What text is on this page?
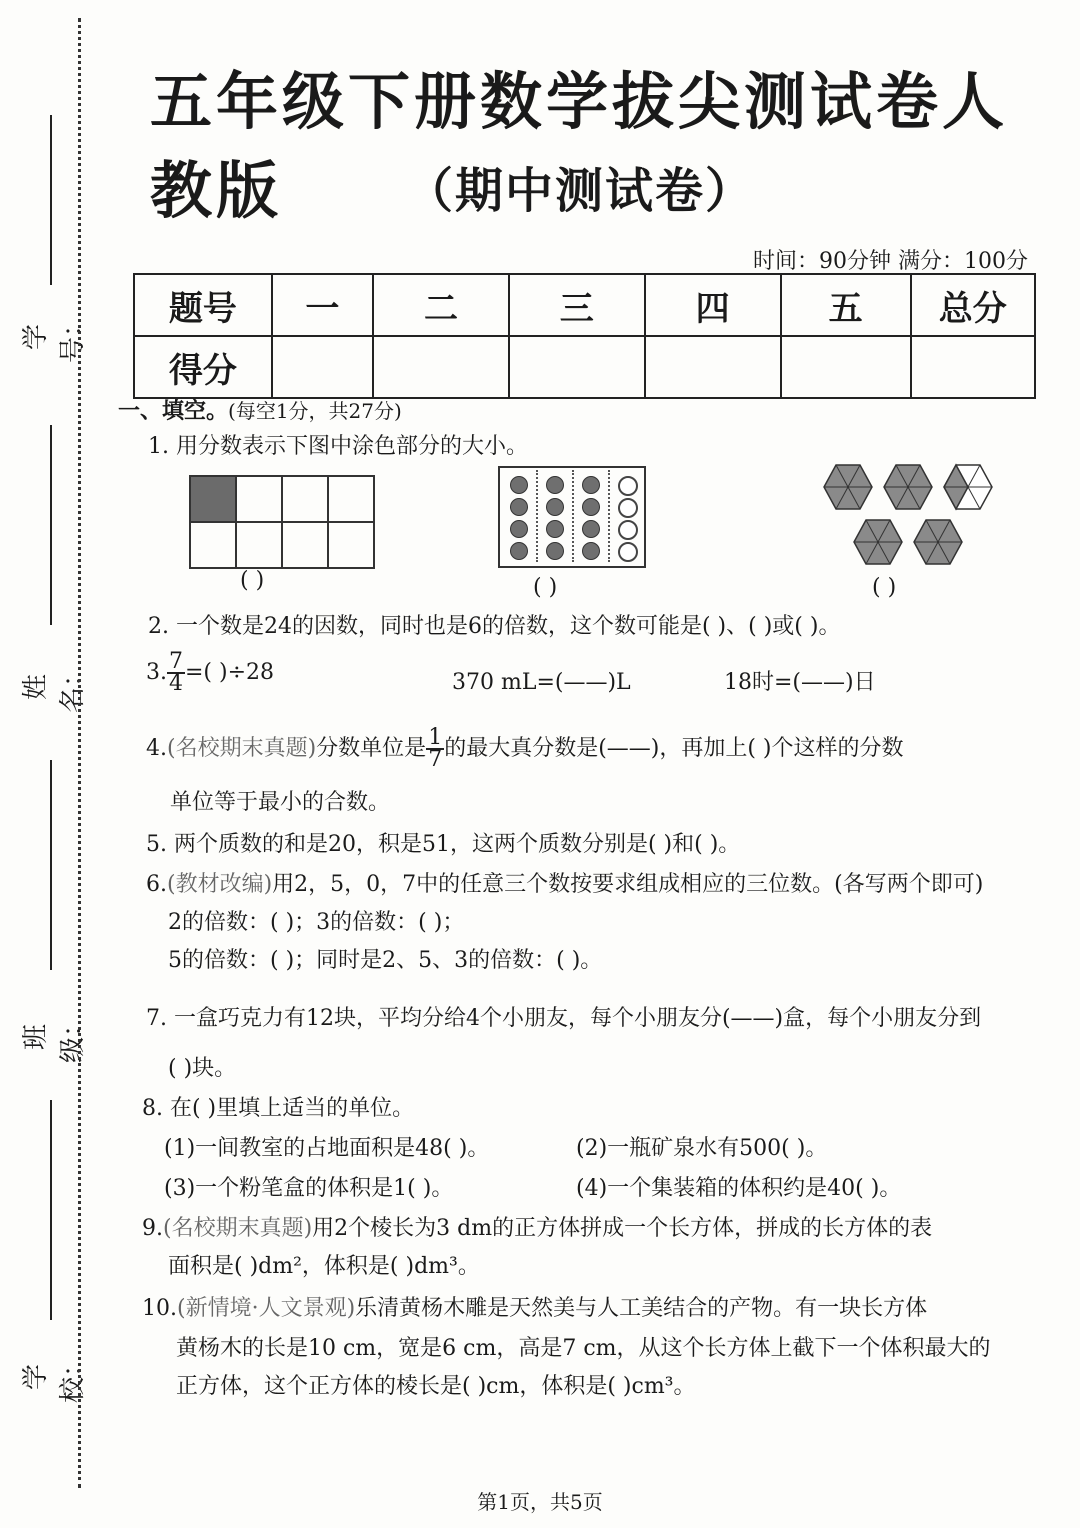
学号：
姓名：
班级：
学校：
五年级下册数学拔尖测试卷人教版	（期中测试卷）
时间：90分钟 满分：100分
题号	一	二	三	四	五	总分
得分						
一、填空。(每空1分，共27分)
1. 用分数表示下图中涂色部分的大小。

( )	( )	( )
2. 一个数是24的因数，同时也是6的倍数，这个数可能是( )、( )或( )。
3. $\frac{7}{4}$ =( )÷28	370 mL=(——)L	18时=(——)日
4.(名校期末真题)分数单位是 $\frac{1}{7}$ 的最大真分数是(——)，再加上( )个这样的分数
单位等于最小的合数。
5. 两个质数的和是20，积是51，这两个质数分别是( )和( )。
6.(教材改编)用2，5，0，7中的任意三个数按要求组成相应的三位数。(各写两个即可)
2的倍数：( )；3的倍数：( )；
5的倍数：( )；同时是2、5、3的倍数：( )。
7. 一盒巧克力有12块，平均分给4个小朋友，每个小朋友分(——)盒，每个小朋友分到
( )块。
8. 在( )里填上适当的单位。
(1)一间教室的占地面积是48( )。	(2)一瓶矿泉水有500( )。
(3)一个粉笔盒的体积是1( )。	(4)一个集装箱的体积约是40( )。
9.(名校期末真题)用2个棱长为3 dm的正方体拼成一个长方体，拼成的长方体的表
面积是( )dm²，体积是( )dm³。
10.(新情境·人文景观)乐清黄杨木雕是天然美与人工美结合的产物。有一块长方体
黄杨木的长是10 cm，宽是6 cm，高是7 cm，从这个长方体上截下一个体积最大的
正方体，这个正方体的棱长是( )cm，体积是( )cm³。
第1页，共5页
